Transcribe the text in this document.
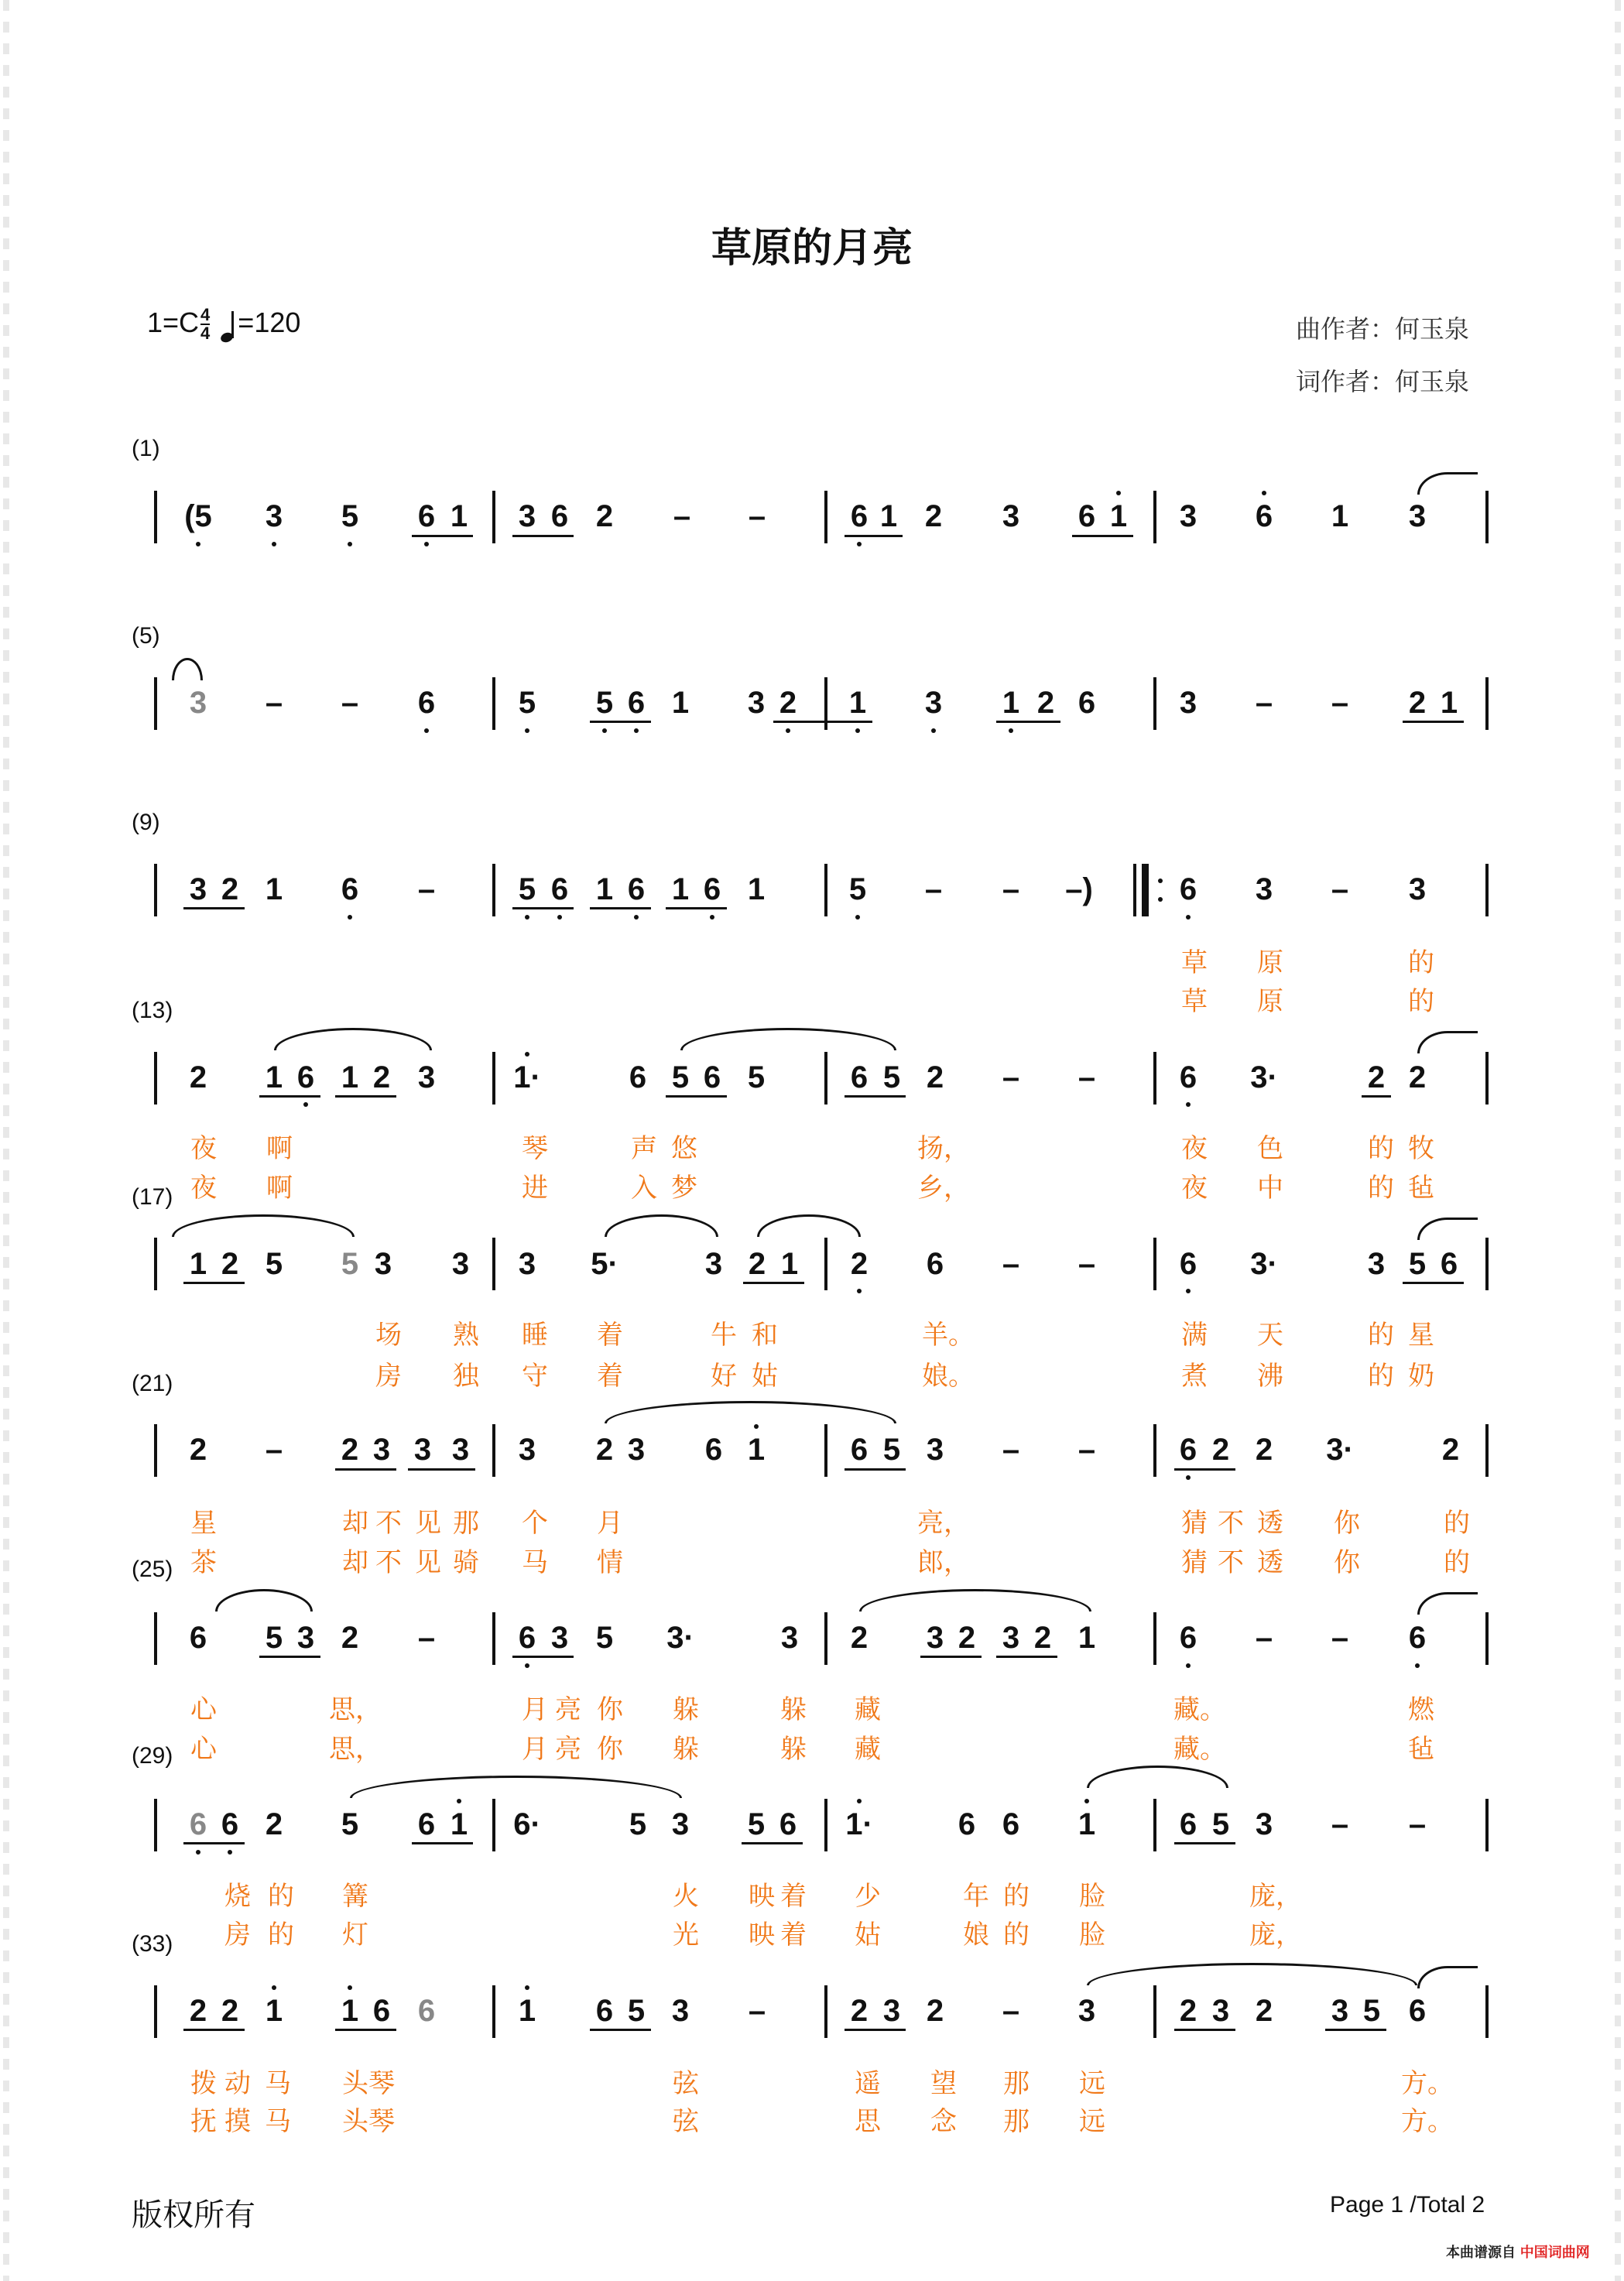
草原的月亮
$1=C \frac{4}{4} =120$	曲作者：何玉泉
词作者：何玉泉
(1)
(5 3 5 6 1 3 6 2 – –	6 1 2 3 6 1 3 6 1 3
(5)
3 – – 6	5 5 6 1 3 2 1 3 1 2 6	3 – – 2 1
(9)
3 2 1 6 –	5 6 1 6 1 6 1	5 – – –)	6 3 – 3
草 原	的
草 原	的
(13)
2 1 6 1 2 3	1·	6 5 6 5	6 5 2 – –	6 3·	2 2
夜 啊	琴	声 悠	扬，	夜 色	的 牧
夜 啊	进	入 梦	乡，	夜 中	的 毡
(17)
1 2 5 5 3 3 3 5·	3 2 1 2 6 – –	6 3·	3 5 6
场 熟 睡 着	牛 和	羊。	满 天	的 星
房 独 守 着	好 姑	娘。	煮 沸	的 奶
(21)
2 – 2 3 3 3 3 2 3 6 1	6 5 3 – –	6 2 2 3·	2
星	却 不 见 那 个 月	亮，	猜 不 透 你	的
茶	却 不 见 骑 马 情	郎，	猜 不 透 你	的
(25)
6 5 3 2 –	6 3 5 3·	3 2 3 2 3 2 1	6 – – 6
心	思，	月 亮 你 躲	躲 藏	藏。	燃
心	思，	月 亮 你 躲	躲 藏	藏。	毡
(29)
6 6 2 5 6 1 6·	5 3 5 6 1·	6 6 1	6 5 3 – –
烧 的 篝	火 映 着 少	年 的 脸	庞，
房 的 灯	光 映 着 姑	娘 的 脸	庞，
(33)
2 2 1 1 6 6	1 6 5 3 –	2 3 2 – 3	2 3 2 3 5 6
拨 动 马 头 琴	弦	遥 望 那 远	方。
抚 摸 马 头 琴	弦	思 念 那 远	方。
版权所有	Page 1 /Total 2
本曲谱源自 中国词曲网
